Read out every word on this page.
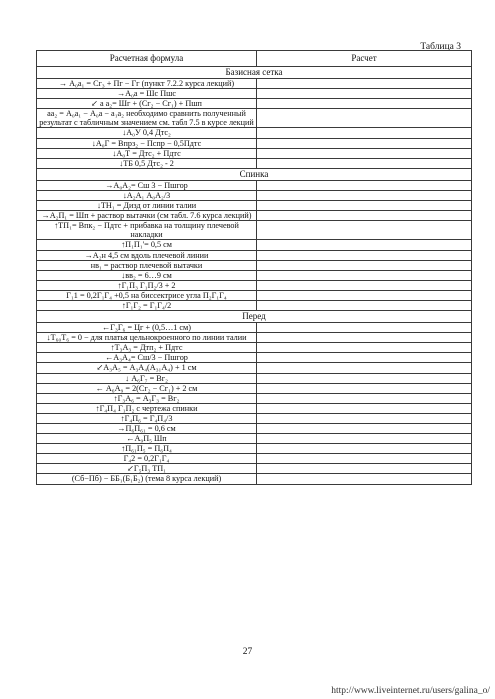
Таблица 3
Расчетная формула	Расчет
Базисная сетка	
→ А₀а₁ = Сг₃ + Пг − Гг (пункт 7.2.2 курса лекций)	
→А₀а = Шс Пшс	
↙ а а₂= Шг + (Сг₂ − Сг₁) + Пшп	
аа₂ = А₀а₁ − А₀а − а₁а₂ необходимо сравнить полученный результат с табличным значением см. табл 7.5 в курсе лекций	
↓А₀У 0,4 Дтс₂	
↓А₀Г = Впрз₂ − Пспр − 0,5Пдтс	
↓А₀Т = Дтс₂ + Пдтс	
↓ТБ 0,5 Дтс₂ - 2	
Спинка	
→А₀А₂= Сш 3 − Пшгор	
↓А₂А₁ А₀А₂/3	
↓ТН₁ = Дизд от линии талии	
→А₂П₁ = Шп + раствор вытачки (см табл. 7.6 курса лекций)	
↑ТП₁= Впк₂ − Пдтс + прибавка на толщину плечевой накладки	
↑П₁П₁'= 0,5 см	
→А₂н 4,5 см вдоль плечевой линии	
нв₁ = раствор плечевой вытачки	
↓вв₂ = 6…9 см	
↑Г₁П₃ Г₁П₂/3 + 2	
Г₁1 = 0,2Г₁Г₄ +0,5 на биссектрисе угла П₂Г₁Г₄	
↑Г₁Г₂ = Г₁Г₄/2	
Перед	
←Г₃Г₆ = Цг + (0,5…1 см)	
↓Т₆₀Т₆ = 0 − для платья цельнокроенного по линии талии	
↑Т₃А₃ = Дтп₂ + Пдтс	
←А₃А₄= Сш/3 − Пшгор	
↙А₃А₅ = А₃А₄(А₃₁А₄) + 1 см	
↓ А₆Г₇ = Вг₂	
← А₆А₉ = 2(Сг₂ − Сг₁) + 2 см	
↑Г₃А₆ = А₃Г₃ = Вг₂	
↑Г₄П₄ Г₁П₂ с чертежа спинки	
↑Г₄П₆ = Г₄П₄/3	
→П₆П₆₁ = 0,6 см	
←А₉П₅ Шп	
↑П₆₁П₅ = П₆П₄	
Г₄2 = 0,2Г₁Г₄	
↙Г₅П₃ ТП₁	
(Сб−Пб) − ББ₁(Б₁Б₂) (тема 8 курса лекций)	
27
http://www.liveinternet.ru/users/galina_o/
